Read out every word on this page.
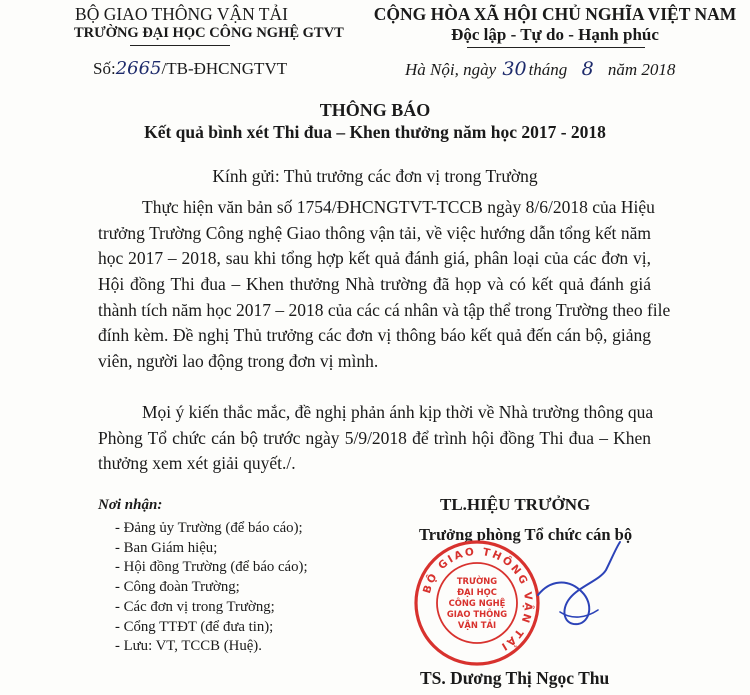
BỘ GIAO THÔNG VẬN TẢI
TRƯỜNG ĐẠI HỌC CÔNG NGHỆ GTVT
CỘNG HÒA XÃ HỘI CHỦ NGHĨA VIỆT NAM
Độc lập - Tự do - Hạnh phúc
Số:2665/TB-ĐHCNGTVT	Hà Nội, ngày 30 tháng 8 năm 2018
THÔNG BÁO
Kết quả bình xét Thi đua – Khen thưởng năm học 2017 - 2018
Kính gửi: Thủ trưởng các đơn vị trong Trường
Thực hiện văn bản số 1754/ĐHCNGTVT-TCCB ngày 8/6/2018 của Hiệu
trưởng Trường Công nghệ Giao thông vận tải, về việc hướng dẫn tổng kết năm
học 2017 – 2018, sau khi tổng hợp kết quả đánh giá, phân loại của các đơn vị,
Hội đồng Thi đua – Khen thưởng Nhà trường đã họp và có kết quả đánh giá
thành tích năm học 2017 – 2018 của các cá nhân và tập thể trong Trường theo file
đính kèm. Đề nghị Thủ trưởng các đơn vị thông báo kết quả đến cán bộ, giảng
viên, người lao động trong đơn vị mình.
Mọi ý kiến thắc mắc, đề nghị phản ánh kịp thời về Nhà trường thông qua
Phòng Tổ chức cán bộ trước ngày 5/9/2018 để trình hội đồng Thi đua – Khen
thưởng xem xét giải quyết./.
Nơi nhận:
- Đảng ủy Trường (để báo cáo);
- Ban Giám hiệu;
- Hội đồng Trường (để báo cáo);
- Công đoàn Trường;
- Các đơn vị trong Trường;
- Cổng TTĐT (để đưa tin);
- Lưu: VT, TCCB (Huệ).
TL.HIỆU TRƯỞNG
Trưởng phòng Tổ chức cán bộ
BỘ GIAO THÔNG VẬN TẢI
TRƯỜNG
ĐẠI HỌC
CÔNG NGHỆ
GIAO THÔNG
VẬN TẢI
TS. Dương Thị Ngọc Thu
